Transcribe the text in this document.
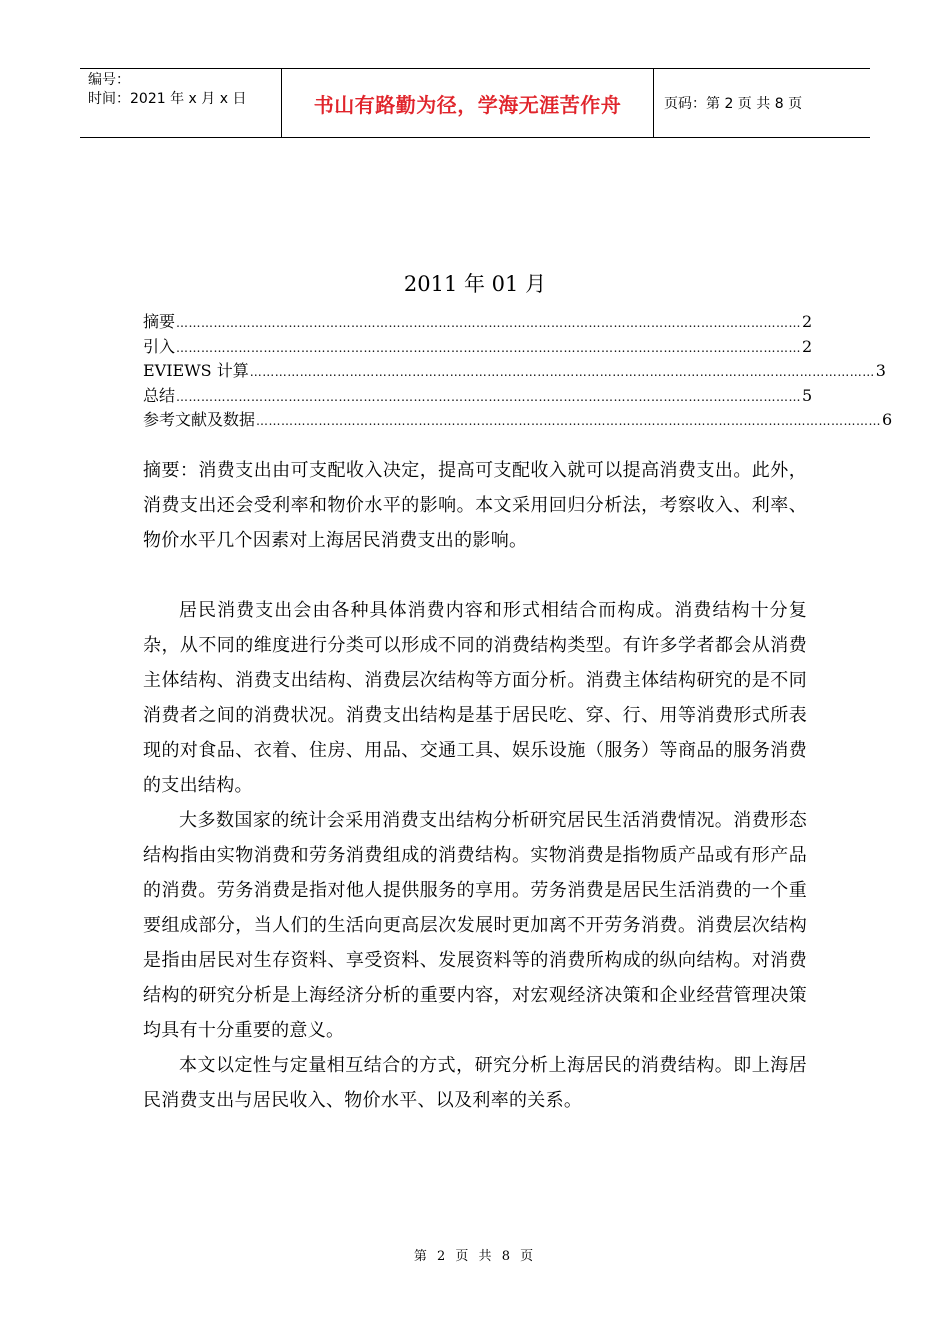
编号：
时间：2021 年 x 月 x 日	书山有路勤为径，学海无涯苦作舟	页码：第 2 页 共 8 页
2011 年 01 月
摘要 …………………………………………………………………………………………………………………………………… 2
引入 …………………………………………………………………………………………………………………………………… 2
EVIEWS 计算 …………………………………………………………………………………………………………………………………… 3
总结 …………………………………………………………………………………………………………………………………… 5
参考文献及数据 …………………………………………………………………………………………………………………………………… 6

摘要：消费支出由可支配收入决定，提高可支配收入就可以提高消费支出。此外，消费支出还会受利率和物价水平的影响。本文采用回归分析法，考察收入、利率、物价水平几个因素对上海居民消费支出的影响。

居民消费支出会由各种具体消费内容和形式相结合而构成。消费结构十分复杂，从不同的维度进行分类可以形成不同的消费结构类型。有许多学者都会从消费主体结构、消费支出结构、消费层次结构等方面分析。消费主体结构研究的是不同消费者之间的消费状况。消费支出结构是基于居民吃、穿、行、用等消费形式所表现的对食品、衣着、住房、用品、交通工具、娱乐设施（服务）等商品的服务消费的支出结构。

大多数国家的统计会采用消费支出结构分析研究居民生活消费情况。消费形态结构指由实物消费和劳务消费组成的消费结构。实物消费是指物质产品或有形产品的消费。劳务消费是指对他人提供服务的享用。劳务消费是居民生活消费的一个重要组成部分，当人们的生活向更高层次发展时更加离不开劳务消费。消费层次结构是指由居民对生存资料、享受资料、发展资料等的消费所构成的纵向结构。对消费结构的研究分析是上海经济分析的重要内容，对宏观经济决策和企业经营管理决策均具有十分重要的意义。

本文以定性与定量相互结合的方式，研究分析上海居民的消费结构。即上海居民消费支出与居民收入、物价水平、以及利率的关系。

第 2 页 共 8 页
